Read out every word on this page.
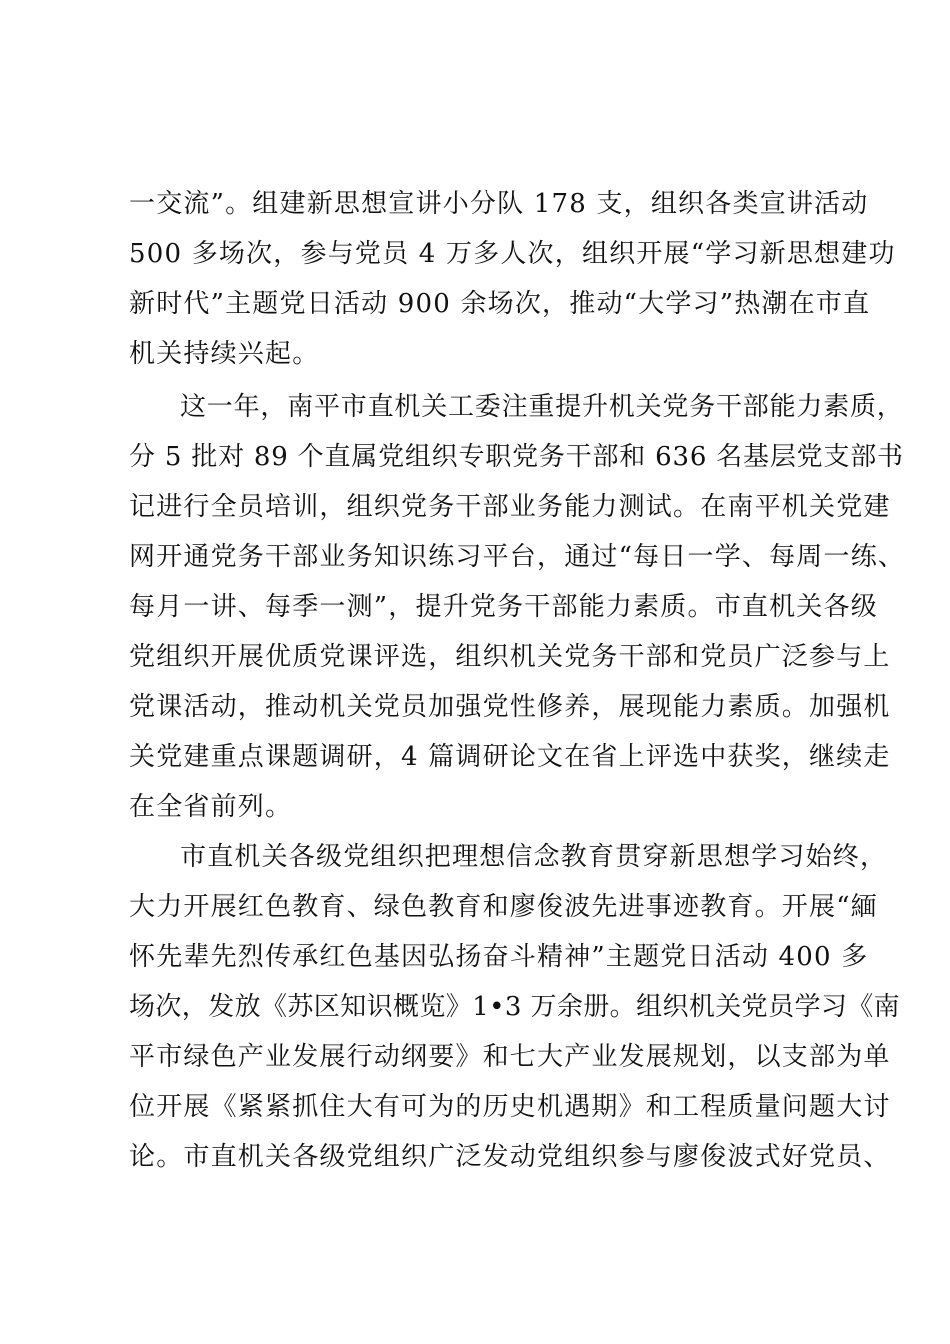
一交流”。组建新思想宣讲小分队 178 支，组织各类宣讲活动
500 多场次，参与党员 4 万多人次，组织开展“学习新思想建功
新时代”主题党日活动 900 余场次，推动“大学习”热潮在市直
机关持续兴起。
这一年，南平市直机关工委注重提升机关党务干部能力素质，
分 5 批对 89 个直属党组织专职党务干部和 636 名基层党支部书
记进行全员培训，组织党务干部业务能力测试。在南平机关党建
网开通党务干部业务知识练习平台，通过“每日一学、每周一练、
每月一讲、每季一测”，提升党务干部能力素质。市直机关各级
党组织开展优质党课评选，组织机关党务干部和党员广泛参与上
党课活动，推动机关党员加强党性修养，展现能力素质。加强机
关党建重点课题调研，4 篇调研论文在省上评选中获奖，继续走
在全省前列。
市直机关各级党组织把理想信念教育贯穿新思想学习始终，
大力开展红色教育、绿色教育和廖俊波先进事迹教育。开展“緬
怀先辈先烈传承红色基因弘扬奋斗精神”主题党日活动 400 多
场次，发放《苏区知识概览》1•3 万余册。组织机关党员学习《南
平市绿色产业发展行动纲要》和七大产业发展规划，以支部为单
位开展《紧紧抓住大有可为的历史机遇期》和工程质量问题大讨
论。市直机关各级党组织广泛发动党组织参与廖俊波式好党员、
